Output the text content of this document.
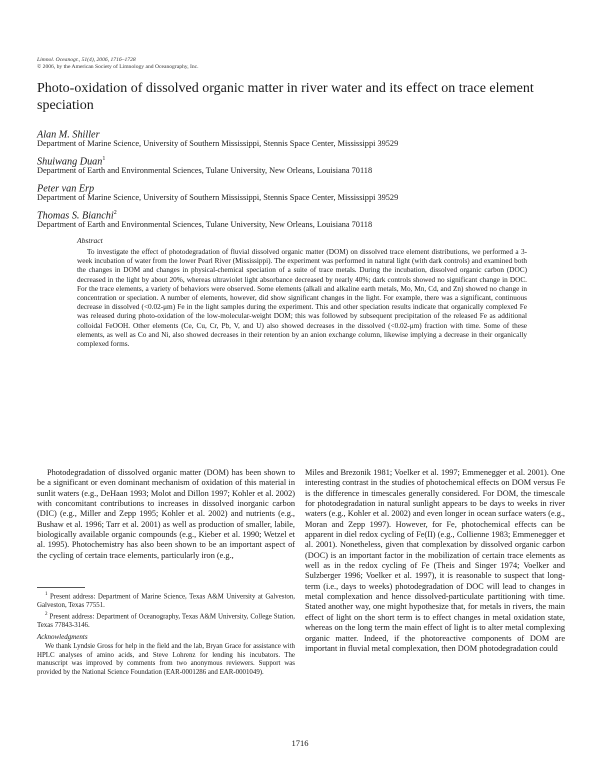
Limnol. Oceanogr., 51(4), 2006, 1716–1728
© 2006, by the American Society of Limnology and Oceanography, Inc.
Photo-oxidation of dissolved organic matter in river water and its effect on trace element speciation
Alan M. Shiller
Department of Marine Science, University of Southern Mississippi, Stennis Space Center, Mississippi 39529
Shuiwang Duan$^1$
Department of Earth and Environmental Sciences, Tulane University, New Orleans, Louisiana 70118
Peter van Erp
Department of Marine Science, University of Southern Mississippi, Stennis Space Center, Mississippi 39529
Thomas S. Bianchi$^2$
Department of Earth and Environmental Sciences, Tulane University, New Orleans, Louisiana 70118
Abstract

To investigate the effect of photodegradation of fluvial dissolved organic matter (DOM) on dissolved trace element distributions, we performed a 3-week incubation of water from the lower Pearl River (Mississippi). The experiment was performed in natural light (with dark controls) and examined both the changes in DOM and changes in physical-chemical speciation of a suite of trace metals. During the incubation, dissolved organic carbon (DOC) decreased in the light by about 20%, whereas ultraviolet light absorbance decreased by nearly 40%; dark controls showed no significant change in DOC. For the trace elements, a variety of behaviors were observed. Some elements (alkali and alkaline earth metals, Mo, Mn, Cd, and Zn) showed no change in concentration or speciation. A number of elements, however, did show significant changes in the light. For example, there was a significant, continuous decrease in dissolved (<0.02-μm) Fe in the light samples during the experiment. This and other speciation results indicate that organically complexed Fe was released during photo-oxidation of the low-molecular-weight DOM; this was followed by subsequent precipitation of the released Fe as additional colloidal FeOOH. Other elements (Ce, Cu, Cr, Pb, V, and U) also showed decreases in the dissolved (<0.02-μm) fraction with time. Some of these elements, as well as Co and Ni, also showed decreases in their retention by an anion exchange column, likewise implying a decrease in their organically complexed forms.

Photodegradation of dissolved organic matter (DOM) has been shown to be a significant or even dominant mechanism of oxidation of this material in sunlit waters (e.g., DeHaan 1993; Molot and Dillon 1997; Kohler et al. 2002) with concomitant contributions to increases in dissolved inorganic carbon (DIC) (e.g., Miller and Zepp 1995; Kohler et al. 2002) and nutrients (e.g., Bushaw et al. 1996; Tarr et al. 2001) as well as production of smaller, labile, biologically available organic compounds (e.g., Kieber et al. 1990; Wetzel et al. 1995). Photochemistry has also been shown to be an important aspect of the cycling of certain trace elements, particularly iron (e.g.,

Miles and Brezonik 1981; Voelker et al. 1997; Emmenegger et al. 2001). One interesting contrast in the studies of photochemical effects on DOM versus Fe is the difference in timescales generally considered. For DOM, the timescale for photodegradation in natural sunlight appears to be days to weeks in river waters (e.g., Kohler et al. 2002) and even longer in ocean surface waters (e.g., Moran and Zepp 1997). However, for Fe, photochemical effects can be apparent in diel redox cycling of Fe(II) (e.g., Collienne 1983; Emmenegger et al. 2001). Nonetheless, given that complexation by dissolved organic carbon (DOC) is an important factor in the mobilization of certain trace elements as well as in the redox cycling of Fe (Theis and Singer 1974; Voelker and Sulzberger 1996; Voelker et al. 1997), it is reasonable to suspect that long-term (i.e., days to weeks) photodegradation of DOC will lead to changes in metal complexation and hence dissolved-particulate partitioning with time. Stated another way, one might hypothesize that, for metals in rivers, the main effect of light on the short term is to effect changes in metal oxidation state, whereas on the long term the main effect of light is to alter metal complexing organic matter. Indeed, if the photoreactive components of DOM are important in fluvial metal complexation, then DOM photodegradation could

$^1$ Present address: Department of Marine Science, Texas A&M University at Galveston, Galveston, Texas 77551.

$^2$ Present address: Department of Oceanography, Texas A&M University, College Station, Texas 77843-3146.

Acknowledgments

We thank Lyndsie Gross for help in the field and the lab, Bryan Grace for assistance with HPLC analyses of amino acids, and Steve Lohrenz for lending his incubators. The manuscript was improved by comments from two anonymous reviewers. Support was provided by the National Science Foundation (EAR-0001286 and EAR-0001049).

1716
